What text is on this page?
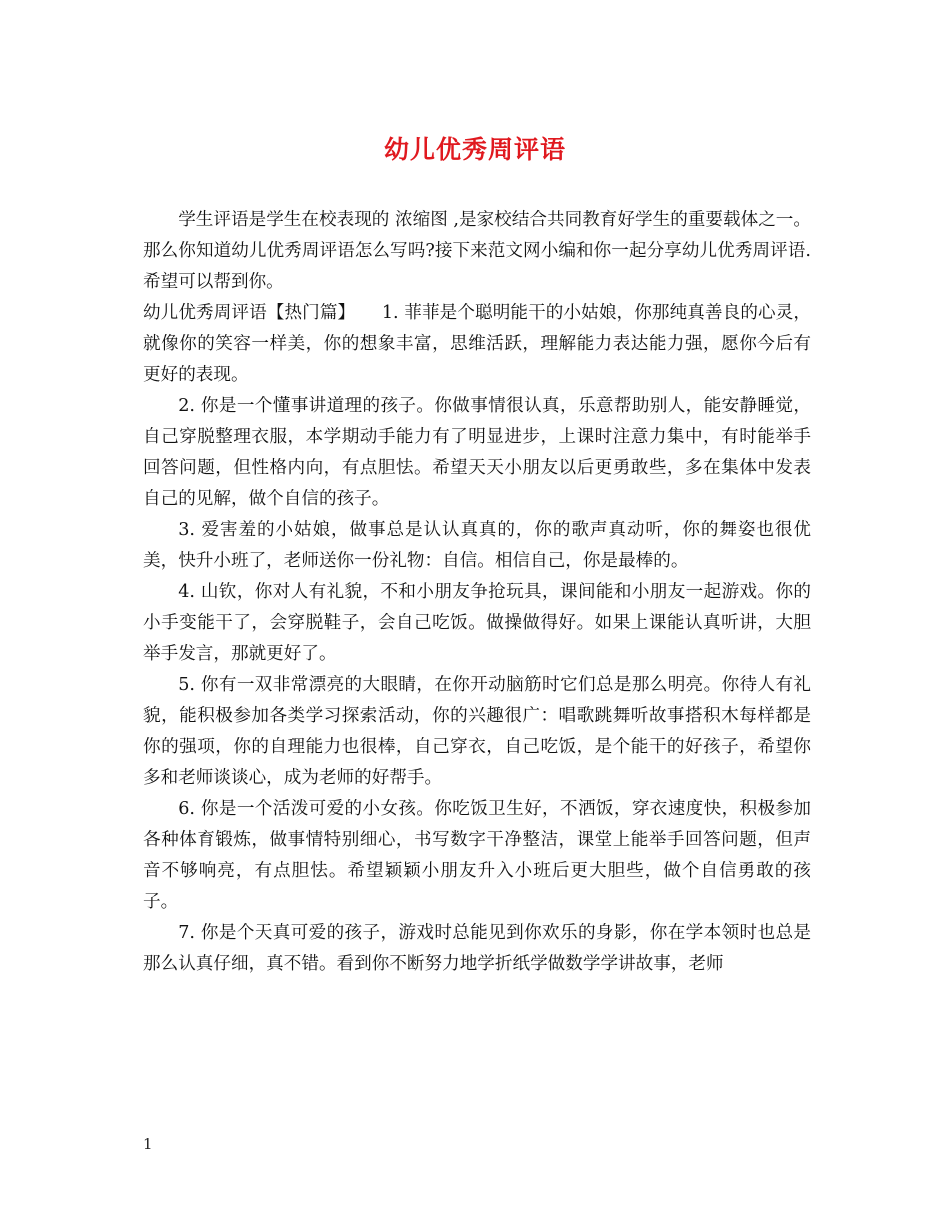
幼儿优秀周评语

学生评语是学生在校表现的 浓缩图 ,是家校结合共同教育好学生的重要载体之一。那么你知道幼儿优秀周评语怎么写吗?接下来范文网小编和你一起分享幼儿优秀周评语.希望可以帮到你。

幼儿优秀周评语【热门篇】　　1. 菲菲是个聪明能干的小姑娘，你那纯真善良的心灵，就像你的笑容一样美，你的想象丰富，思维活跃，理解能力表达能力强，愿你今后有更好的表现。

2. 你是一个懂事讲道理的孩子。你做事情很认真，乐意帮助别人，能安静睡觉，自己穿脱整理衣服，本学期动手能力有了明显进步，上课时注意力集中，有时能举手回答问题，但性格内向，有点胆怯。希望天天小朋友以后更勇敢些，多在集体中发表自己的见解，做个自信的孩子。

3. 爱害羞的小姑娘，做事总是认认真真的，你的歌声真动听，你的舞姿也很优美，快升小班了，老师送你一份礼物：自信。相信自己，你是最棒的。

4. 山钦，你对人有礼貌，不和小朋友争抢玩具，课间能和小朋友一起游戏。你的小手变能干了，会穿脱鞋子，会自己吃饭。做操做得好。如果上课能认真听讲，大胆举手发言，那就更好了。

5. 你有一双非常漂亮的大眼睛，在你开动脑筋时它们总是那么明亮。你待人有礼貌，能积极参加各类学习探索活动，你的兴趣很广：唱歌跳舞听故事搭积木每样都是你的强项，你的自理能力也很棒，自己穿衣，自己吃饭，是个能干的好孩子，希望你多和老师谈谈心，成为老师的好帮手。

6. 你是一个活泼可爱的小女孩。你吃饭卫生好，不洒饭，穿衣速度快，积极参加各种体育锻炼，做事情特别细心，书写数字干净整洁，课堂上能举手回答问题，但声音不够响亮，有点胆怯。希望颖颖小朋友升入小班后更大胆些，做个自信勇敢的孩子。

7. 你是个天真可爱的孩子，游戏时总能见到你欢乐的身影，你在学本领时也总是那么认真仔细，真不错。看到你不断努力地学折纸学做数学学讲故事，老师

1
